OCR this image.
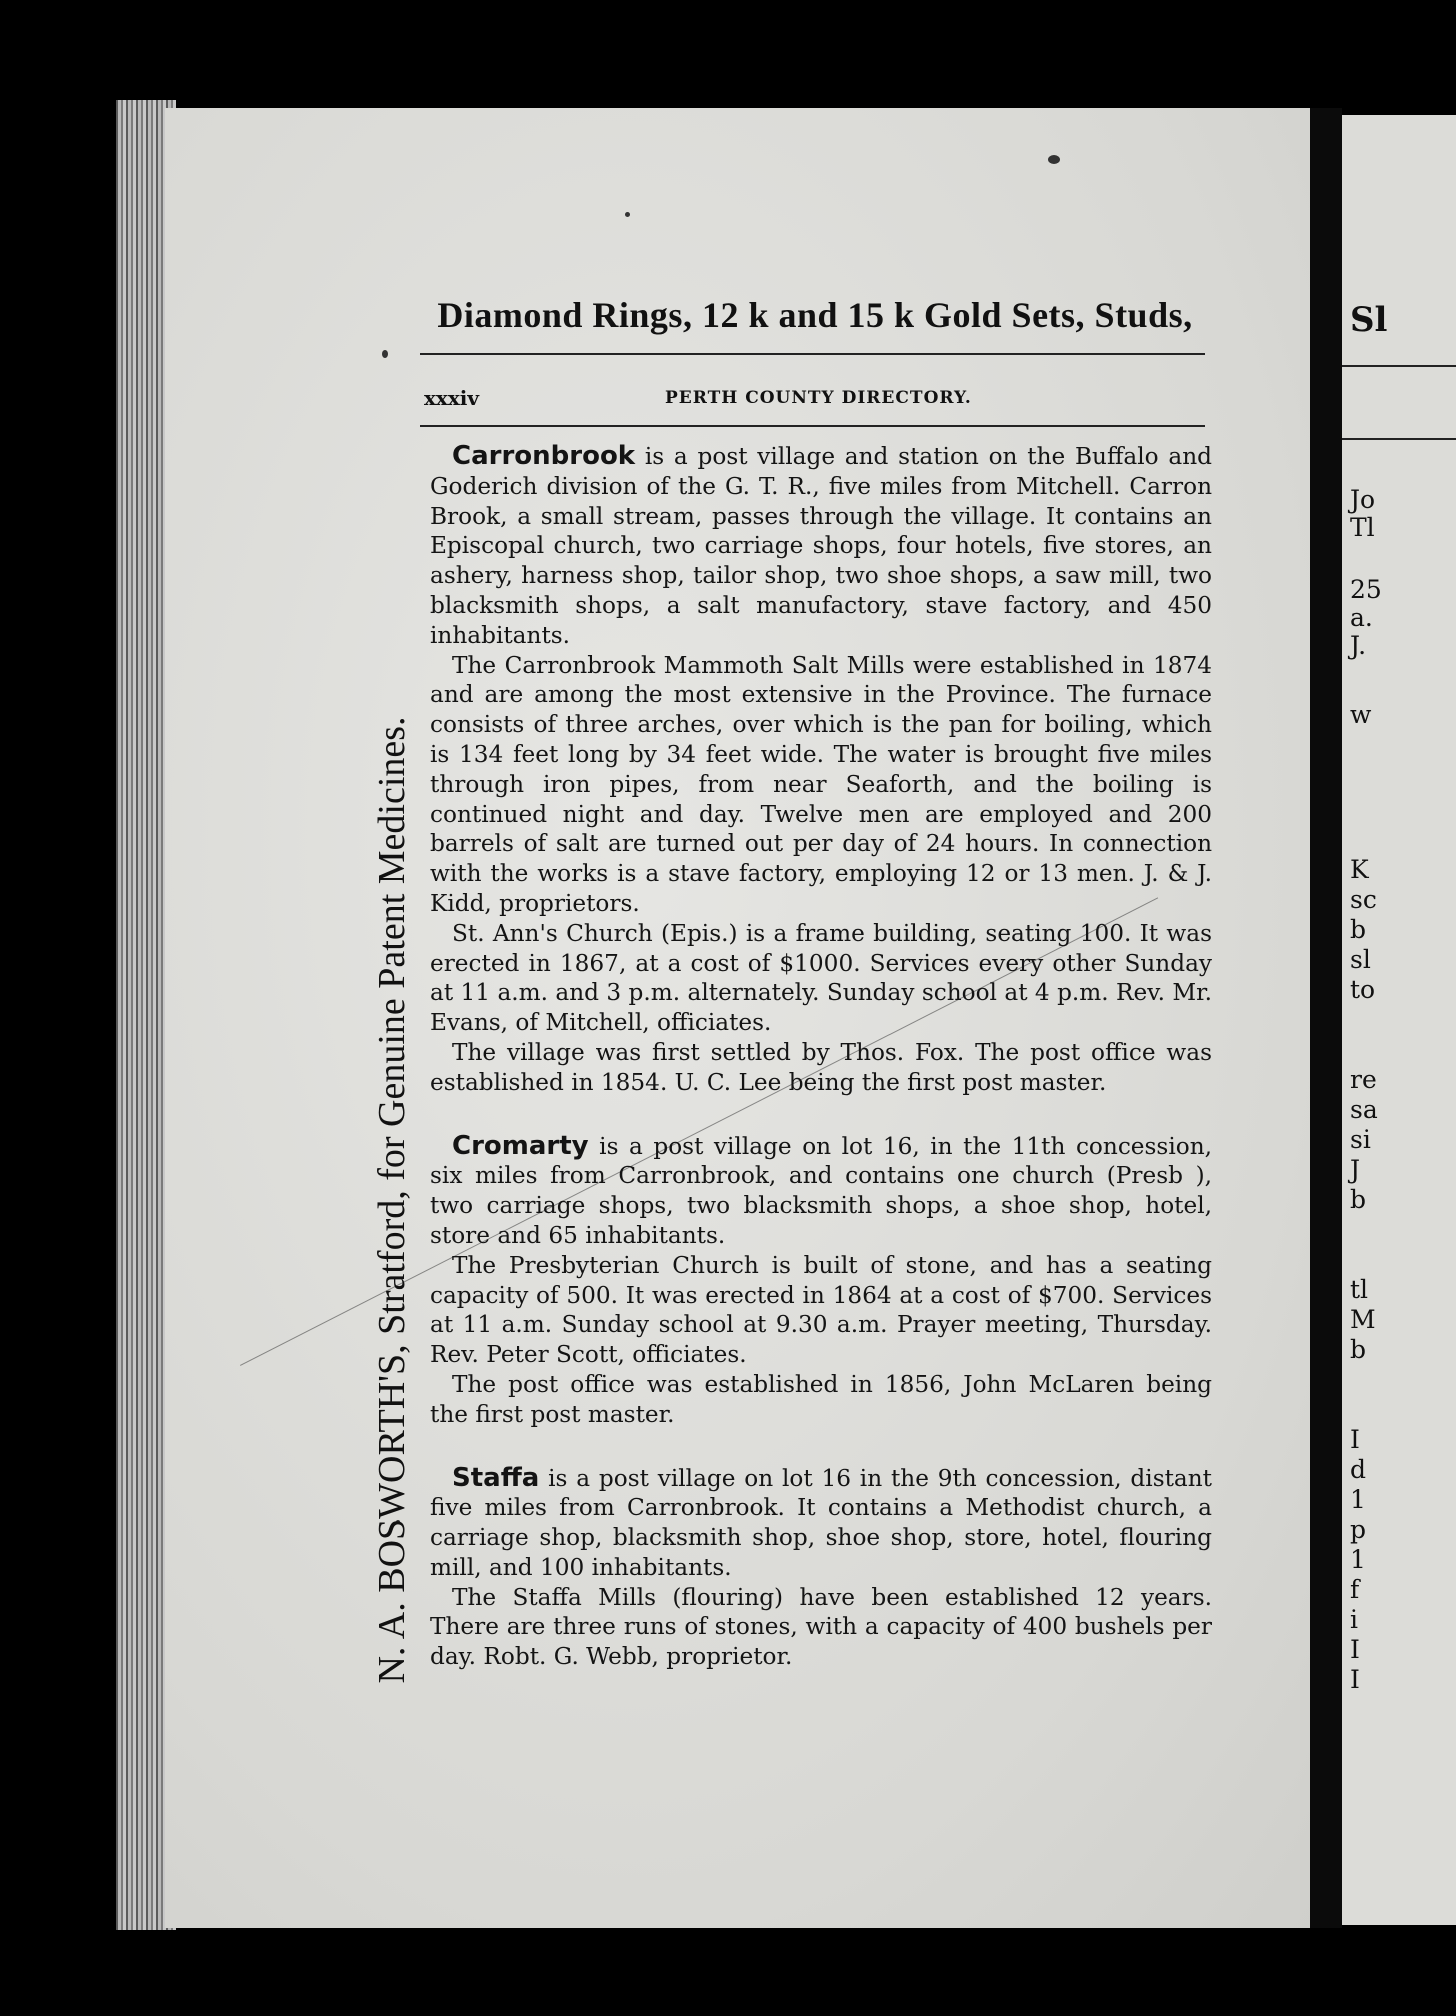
Sl
Jo
Tl
25
a.
J.
w
K
sc
b
sl
to
re
sa
si
J
b
tl
M
b
I
d
1
p
1
f
i
I
I
Diamond Rings, 12 k and 15 k Gold Sets, Studs,
xxxiv	PERTH COUNTY DIRECTORY.
N. A. BOSWORTH'S, Stratford, for Genuine Patent Medicines.

Carronbrook is a post village and station on the Buffalo and Goderich division of the G. T. R., five miles from Mitchell. Carron Brook, a small stream, passes through the village. It contains an Episcopal church, two carriage shops, four hotels, five stores, an ashery, harness shop, tailor shop, two shoe shops, a saw mill, two blacksmith shops, a salt manufactory, stave factory, and 450 inhabitants.

The Carronbrook Mammoth Salt Mills were established in 1874 and are among the most extensive in the Province. The furnace consists of three arches, over which is the pan for boiling, which is 134 feet long by 34 feet wide. The water is brought five miles through iron pipes, from near Seaforth, and the boiling is continued night and day. Twelve men are employed and 200 barrels of salt are turned out per day of 24 hours. In connection with the works is a stave factory, employing 12 or 13 men. J. & J. Kidd, proprietors.

St. Ann's Church (Epis.) is a frame building, seating 100. It was erected in 1867, at a cost of $1000. Services every other Sunday at 11 a.m. and 3 p.m. alternately. Sunday school at 4 p.m. Rev. Mr. Evans, of Mitchell, officiates.

The village was first settled by Thos. Fox. The post office was established in 1854. U. C. Lee being the first post master.

Cromarty is a post village on lot 16, in the 11th concession, six miles from Carronbrook, and contains one church (Presb ), two carriage shops, two blacksmith shops, a shoe shop, hotel, store and 65 inhabitants.

The Presbyterian Church is built of stone, and has a seating capacity of 500. It was erected in 1864 at a cost of $700. Services at 11 a.m. Sunday school at 9.30 a.m. Prayer meeting, Thursday. Rev. Peter Scott, officiates.

The post office was established in 1856, John McLaren being the first post master.

Staffa is a post village on lot 16 in the 9th concession, distant five miles from Carronbrook. It contains a Methodist church, a carriage shop, blacksmith shop, shoe shop, store, hotel, flouring mill, and 100 inhabitants.

The Staffa Mills (flouring) have been established 12 years. There are three runs of stones, with a capacity of 400 bushels per day. Robt. G. Webb, proprietor.
